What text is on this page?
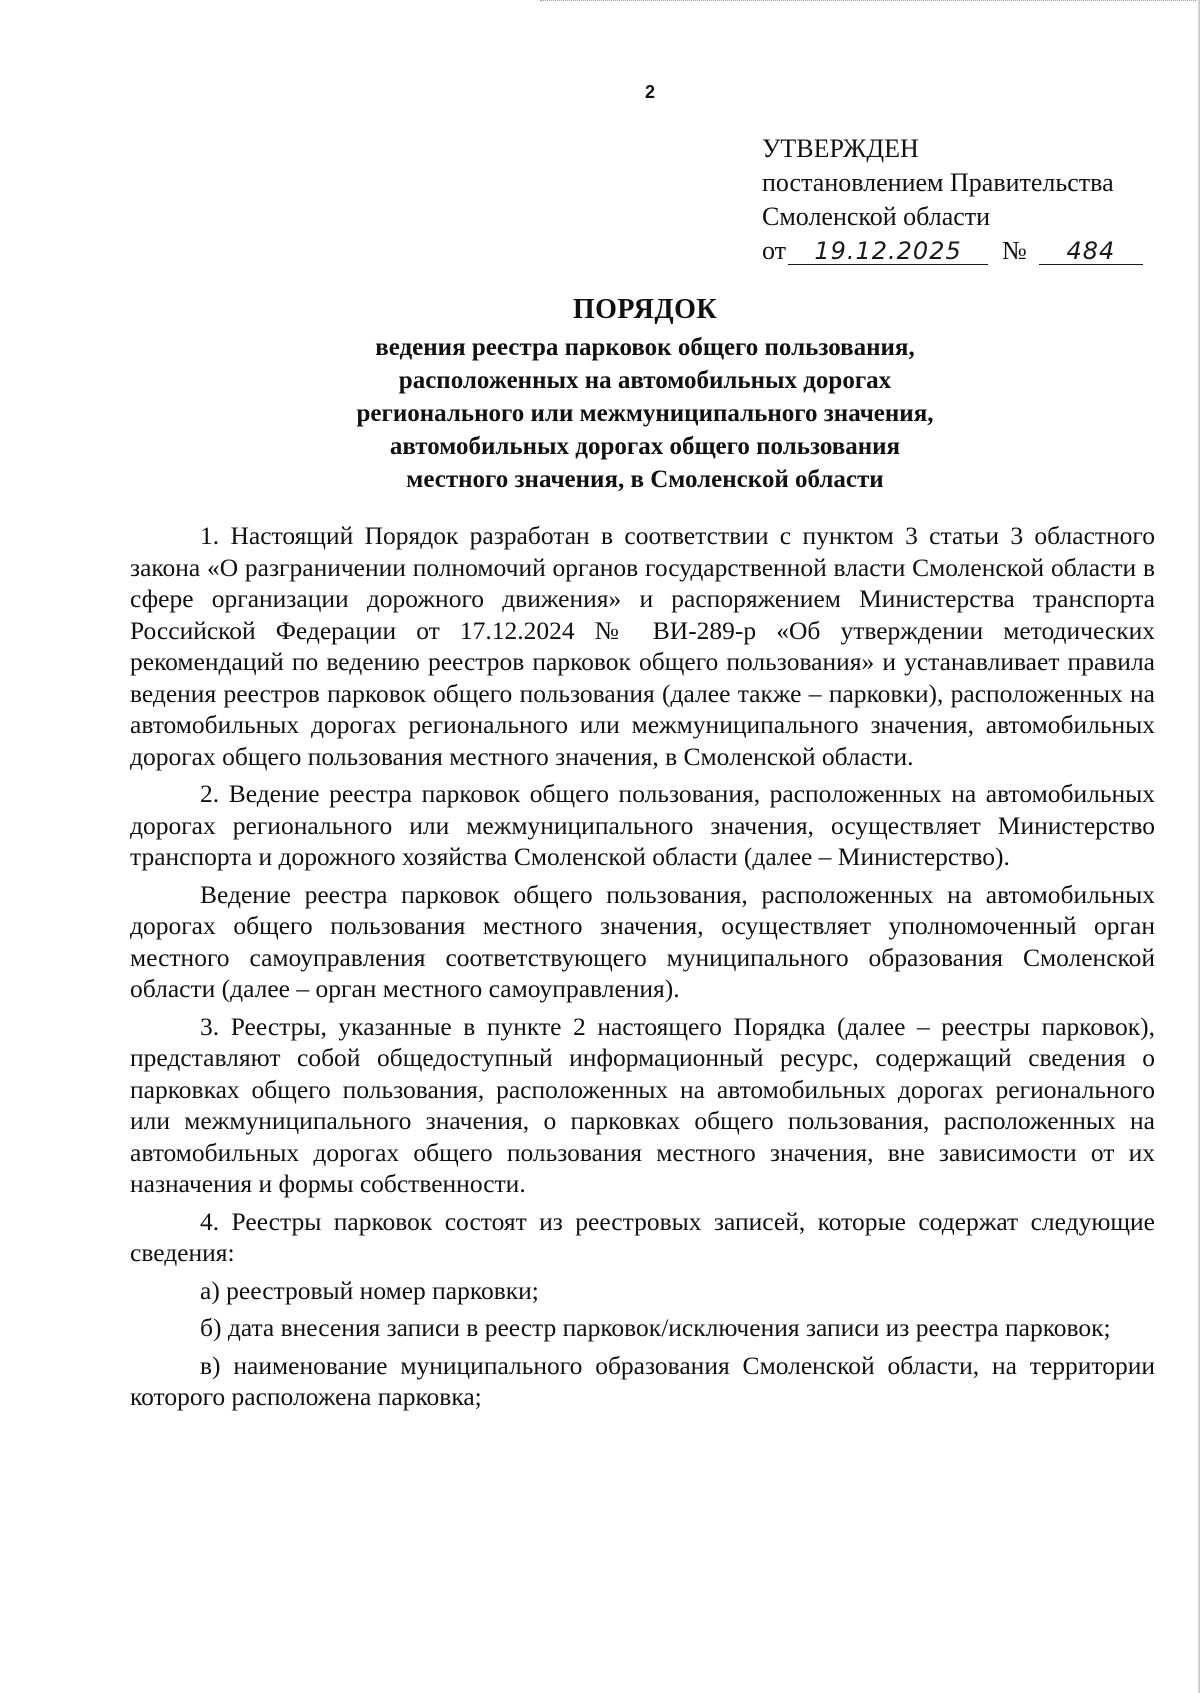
2
УТВЕРЖДЕН
постановлением Правительства
Смоленской области
от	19.12.2025	№	484
ПОРЯДОК
ведения реестра парковок общего пользования,
расположенных на автомобильных дорогах
регионального или межмуниципального значения,
автомобильных дорогах общего пользования
местного значения, в Смоленской области

1. Настоящий Порядок разработан в соответствии с пунктом 3 статьи 3 областного закона «О разграничении полномочий органов государственной власти Смоленской области в сфере организации дорожного движения» и распоряжением Министерства транспорта Российской Федерации от 17.12.2024 № ВИ-289-р «Об утверждении методических рекомендаций по ведению реестров парковок общего пользования» и устанавливает правила ведения реестров парковок общего пользования (далее также – парковки), расположенных на автомобильных дорогах регионального или межмуниципального значения, автомобильных дорогах общего пользования местного значения, в Смоленской области.

2. Ведение реестра парковок общего пользования, расположенных на автомобильных дорогах регионального или межмуниципального значения, осуществляет Министерство транспорта и дорожного хозяйства Смоленской области (далее – Министерство).

Ведение реестра парковок общего пользования, расположенных на автомобильных дорогах общего пользования местного значения, осуществляет уполномоченный орган местного самоуправления соответствующего муниципального образования Смоленской области (далее – орган местного самоуправления).

3. Реестры, указанные в пункте 2 настоящего Порядка (далее – реестры парковок), представляют собой общедоступный информационный ресурс, содержащий сведения о парковках общего пользования, расположенных на автомобильных дорогах регионального или межмуниципального значения, о парковках общего пользования, расположенных на автомобильных дорогах общего пользования местного значения, вне зависимости от их назначения и формы собственности.

4. Реестры парковок состоят из реестровых записей, которые содержат следующие сведения:

а) реестровый номер парковки;

б) дата внесения записи в реестр парковок/исключения записи из реестра парковок;

в) наименование муниципального образования Смоленской области, на территории которого расположена парковка;
